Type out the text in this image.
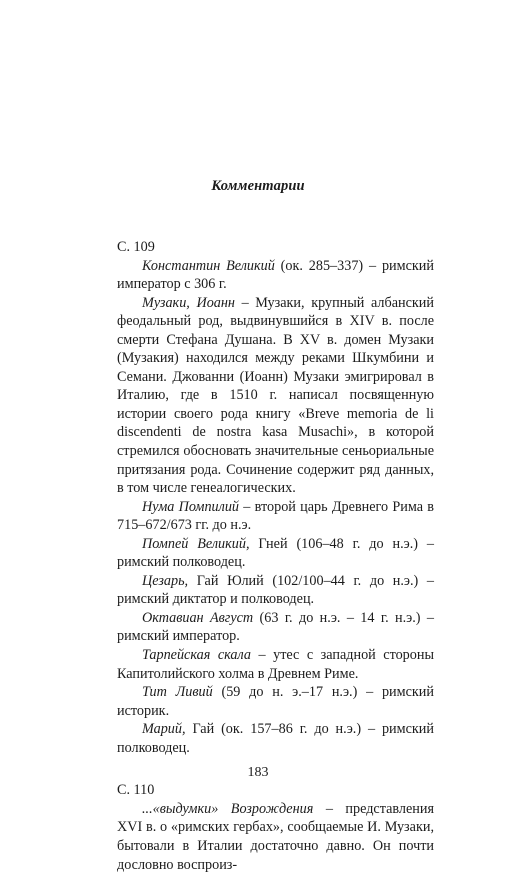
Комментарии

С. 109

Константин Великий (ок. 285–337) – римский император с 306 г.

Музаки, Иоанн – Музаки, крупный албанский феодальный род, выдвинувшийся в XIV в. после смерти Стефана Душана. В XV в. домен Музаки (Музакия) находился между реками Шкумбини и Семани. Джованни (Иоанн) Музаки эмигрировал в Италию, где в 1510 г. написал посвященную истории своего рода книгу «Breve memoria de li discendenti de nostra kasa Musachi», в которой стремился обосновать значительные сеньориальные притязания рода. Сочинение содержит ряд данных, в том числе генеалогических.

Нума Помпилий – второй царь Древнего Рима в 715–672/673 гг. до н.э.

Помпей Великий, Гней (106–48 г. до н.э.) – римский полководец.

Цезарь, Гай Юлий (102/100–44 г. до н.э.) – римский диктатор и полководец.

Октавиан Август (63 г. до н.э. – 14 г. н.э.) – римский император.

Тарпейская скала – утес с западной стороны Капитолийского холма в Древнем Риме.

Тит Ливий (59 до н. э.–17 н.э.) – римский историк.

Марий, Гай (ок. 157–86 г. до н.э.) – римский полководец.

С. 110

...«выдумки» Возрождения – представления XVI в. о «римских гербах», сообщаемые И. Музаки, бытовали в Италии достаточно давно. Он почти дословно воспроиз-

183
